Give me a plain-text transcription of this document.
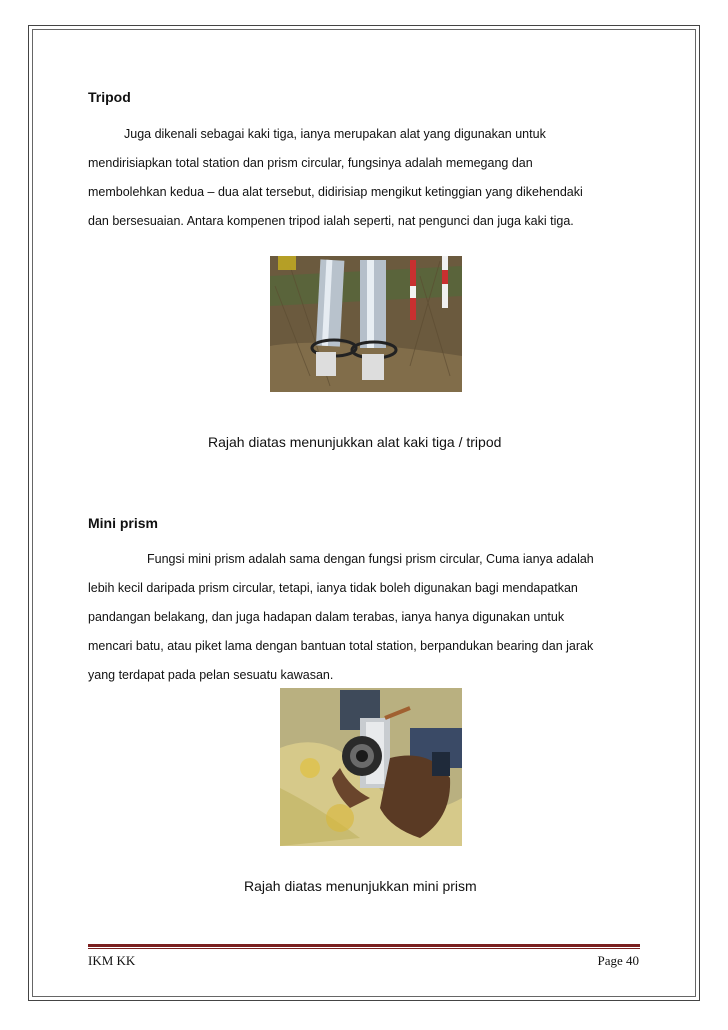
Tripod

Juga dikenali sebagai kaki tiga, ianya merupakan alat yang digunakan untuk

mendirisiapkan total station dan prism circular, fungsinya adalah memegang dan

membolehkan kedua – dua alat tersebut, didirisiap mengikut ketinggian yang dikehendaki

dan bersesuaian. Antara kompenen tripod ialah seperti, nat pengunci dan juga kaki tiga.

Rajah diatas menunjukkan alat kaki tiga / tripod

Mini prism

Fungsi mini prism adalah sama dengan fungsi prism circular, Cuma ianya adalah

lebih kecil daripada prism circular, tetapi, ianya tidak boleh digunakan bagi mendapatkan

pandangan belakang, dan juga hadapan dalam terabas, ianya hanya digunakan untuk

mencari batu, atau piket lama dengan bantuan total station, berpandukan bearing dan jarak

yang terdapat pada pelan sesuatu kawasan.

Rajah diatas menunjukkan mini prism

IKM KK	Page 40
